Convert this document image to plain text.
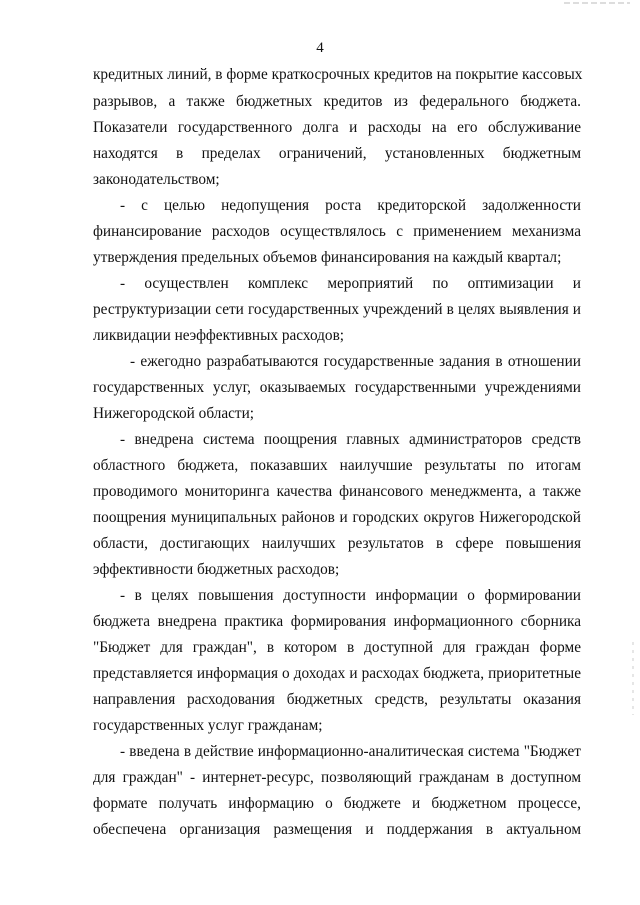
4
кредитных линий, в форме краткосрочных кредитов на покрытие кассовых
разрывов, а также бюджетных кредитов из федерального бюджета.
Показатели государственного долга и расходы на его обслуживание
находятся в пределах ограничений, установленных бюджетным
законодательством;
- с целью недопущения роста кредиторской задолженности
финансирование расходов осуществлялось с применением механизма
утверждения предельных объемов финансирования на каждый квартал;
- осуществлен комплекс мероприятий по оптимизации и
реструктуризации сети государственных учреждений в целях выявления и
ликвидации неэффективных расходов;
- ежегодно разрабатываются государственные задания в отношении
государственных услуг, оказываемых государственными учреждениями
Нижегородской области;
- внедрена система поощрения главных администраторов средств
областного бюджета, показавших наилучшие результаты по итогам
проводимого мониторинга качества финансового менеджмента, а также
поощрения муниципальных районов и городских округов Нижегородской
области, достигающих наилучших результатов в сфере повышения
эффективности бюджетных расходов;
- в целях повышения доступности информации о формировании
бюджета внедрена практика формирования информационного сборника
"Бюджет для граждан", в котором в доступной для граждан форме
представляется информация о доходах и расходах бюджета, приоритетные
направления расходования бюджетных средств, результаты оказания
государственных услуг гражданам;
- введена в действие информационно-аналитическая система "Бюджет
для граждан" - интернет-ресурс, позволяющий гражданам в доступном
формате получать информацию о бюджете и бюджетном процессе,
обеспечена организация размещения и поддержания в актуальном
